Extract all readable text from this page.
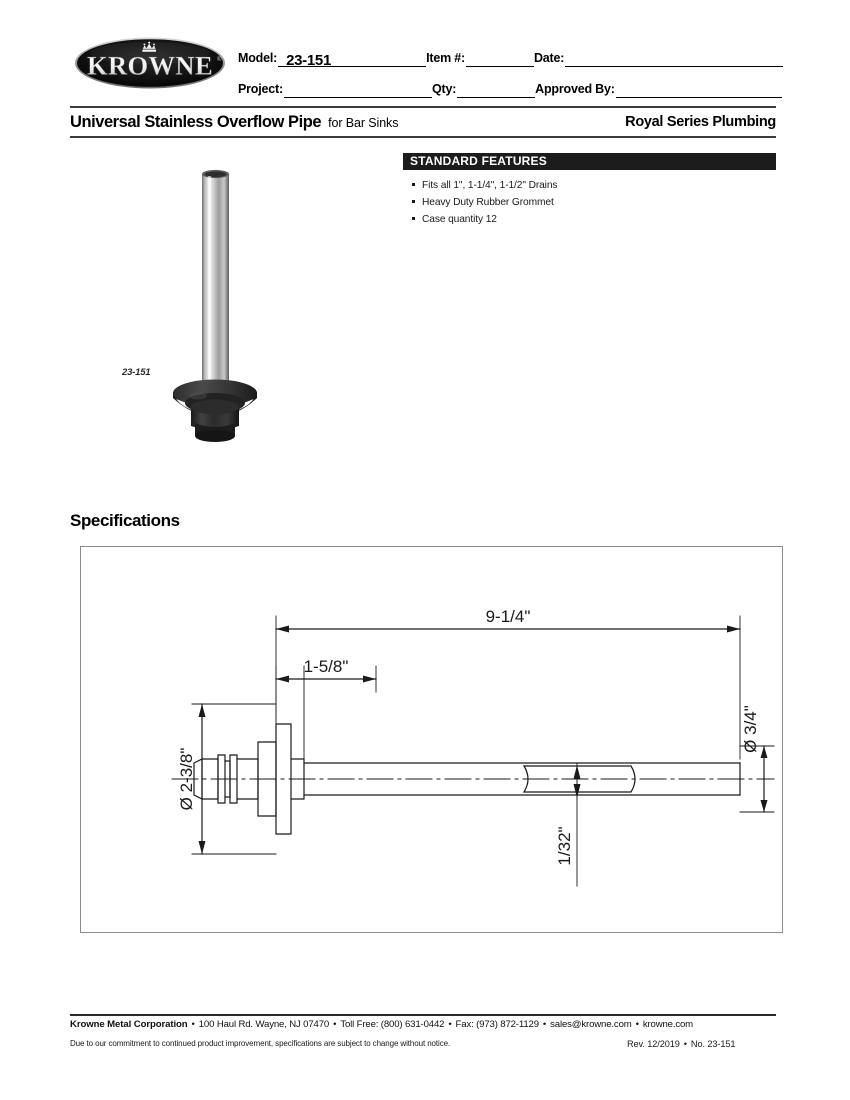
KROWNE ® Model: 23-151	Item #:	Date:
Project:	Qty:	Approved By:
Universal Stainless Overflow Pipe for Bar Sinks	Royal Series Plumbing
STANDARD FEATURES
Fits all 1", 1-1/4", 1-1/2" Drains
Heavy Duty Rubber Grommet
Case quantity 12
23-151
Specifications
9-1/4"
1-5/8"
Ø 2-3/8"
Ø 3/4"
1/32"
Krowne Metal Corporation • 100 Haul Rd. Wayne, NJ 07470 • Toll Free: (800) 631-0442 • Fax: (973) 872-1129 • sales@krowne.com • krowne.com
Due to our commitment to continued product improvement, specifications are subject to change without notice.	Rev. 12/2019 • No. 23-151
